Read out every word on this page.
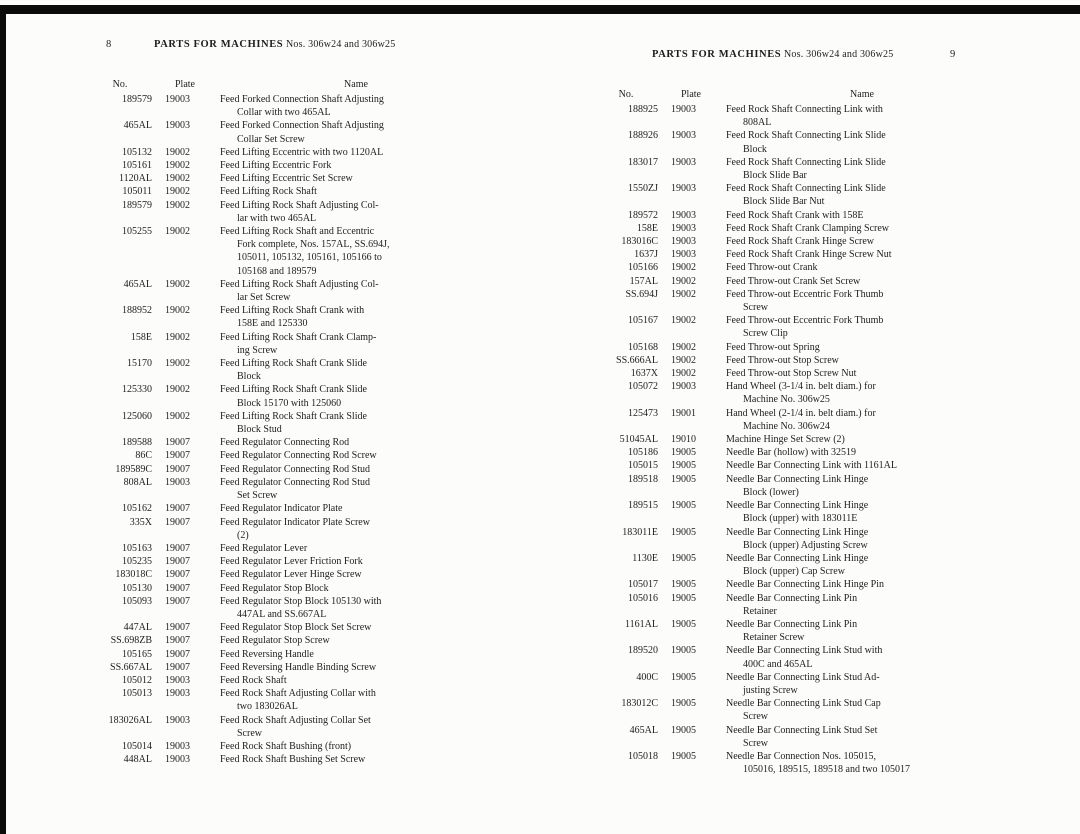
8	PARTS FOR MACHINES Nos. 306w24 and 306w25
No.	Plate	Name
189579	19003	Feed Forked Connection Shaft Adjusting
Collar with two 465AL
465AL	19003	Feed Forked Connection Shaft Adjusting
Collar Set Screw
105132	19002	Feed Lifting Eccentric with two 1120AL
105161	19002	Feed Lifting Eccentric Fork
1120AL	19002	Feed Lifting Eccentric Set Screw
105011	19002	Feed Lifting Rock Shaft
189579	19002	Feed Lifting Rock Shaft Adjusting Col-
lar with two 465AL
105255	19002	Feed Lifting Rock Shaft and Eccentric
Fork complete, Nos. 157AL, SS.694J,
105011, 105132, 105161, 105166 to
105168 and 189579
465AL	19002	Feed Lifting Rock Shaft Adjusting Col-
lar Set Screw
188952	19002	Feed Lifting Rock Shaft Crank with
158E and 125330
158E	19002	Feed Lifting Rock Shaft Crank Clamp-
ing Screw
15170	19002	Feed Lifting Rock Shaft Crank Slide
Block
125330	19002	Feed Lifting Rock Shaft Crank Slide
Block 15170 with 125060
125060	19002	Feed Lifting Rock Shaft Crank Slide
Block Stud
189588	19007	Feed Regulator Connecting Rod
86C	19007	Feed Regulator Connecting Rod Screw
189589C	19007	Feed Regulator Connecting Rod Stud
808AL	19003	Feed Regulator Connecting Rod Stud
Set Screw
105162	19007	Feed Regulator Indicator Plate
335X	19007	Feed Regulator Indicator Plate Screw
(2)
105163	19007	Feed Regulator Lever
105235	19007	Feed Regulator Lever Friction Fork
183018C	19007	Feed Regulator Lever Hinge Screw
105130	19007	Feed Regulator Stop Block
105093	19007	Feed Regulator Stop Block 105130 with
447AL and SS.667AL
447AL	19007	Feed Regulator Stop Block Set Screw
SS.698ZB	19007	Feed Regulator Stop Screw
105165	19007	Feed Reversing Handle
SS.667AL	19007	Feed Reversing Handle Binding Screw
105012	19003	Feed Rock Shaft
105013	19003	Feed Rock Shaft Adjusting Collar with
two 183026AL
183026AL	19003	Feed Rock Shaft Adjusting Collar Set
Screw
105014	19003	Feed Rock Shaft Bushing (front)
448AL	19003	Feed Rock Shaft Bushing Set Screw
PARTS FOR MACHINES Nos. 306w24 and 306w25	9
No.	Plate	Name
188925	19003	Feed Rock Shaft Connecting Link with
808AL
188926	19003	Feed Rock Shaft Connecting Link Slide
Block
183017	19003	Feed Rock Shaft Connecting Link Slide
Block Slide Bar
1550ZJ	19003	Feed Rock Shaft Connecting Link Slide
Block Slide Bar Nut
189572	19003	Feed Rock Shaft Crank with 158E
158E	19003	Feed Rock Shaft Crank Clamping Screw
183016C	19003	Feed Rock Shaft Crank Hinge Screw
1637J	19003	Feed Rock Shaft Crank Hinge Screw Nut
105166	19002	Feed Throw-out Crank
157AL	19002	Feed Throw-out Crank Set Screw
SS.694J	19002	Feed Throw-out Eccentric Fork Thumb
Screw
105167	19002	Feed Throw-out Eccentric Fork Thumb
Screw Clip
105168	19002	Feed Throw-out Spring
SS.666AL	19002	Feed Throw-out Stop Screw
1637X	19002	Feed Throw-out Stop Screw Nut
105072	19003	Hand Wheel (3-1/4 in. belt diam.) for
Machine No. 306w25
125473	19001	Hand Wheel (2-1/4 in. belt diam.) for
Machine No. 306w24
51045AL	19010	Machine Hinge Set Screw (2)
105186	19005	Needle Bar (hollow) with 32519
105015	19005	Needle Bar Connecting Link with 1161AL
189518	19005	Needle Bar Connecting Link Hinge
Block (lower)
189515	19005	Needle Bar Connecting Link Hinge
Block (upper) with 183011E
183011E	19005	Needle Bar Connecting Link Hinge
Block (upper) Adjusting Screw
1130E	19005	Needle Bar Connecting Link Hinge
Block (upper) Cap Screw
105017	19005	Needle Bar Connecting Link Hinge Pin
105016	19005	Needle Bar Connecting Link Pin
Retainer
1161AL	19005	Needle Bar Connecting Link Pin
Retainer Screw
189520	19005	Needle Bar Connecting Link Stud with
400C and 465AL
400C	19005	Needle Bar Connecting Link Stud Ad-
justing Screw
183012C	19005	Needle Bar Connecting Link Stud Cap
Screw
465AL	19005	Needle Bar Connecting Link Stud Set
Screw
105018	19005	Needle Bar Connection Nos. 105015,
105016, 189515, 189518 and two 105017
